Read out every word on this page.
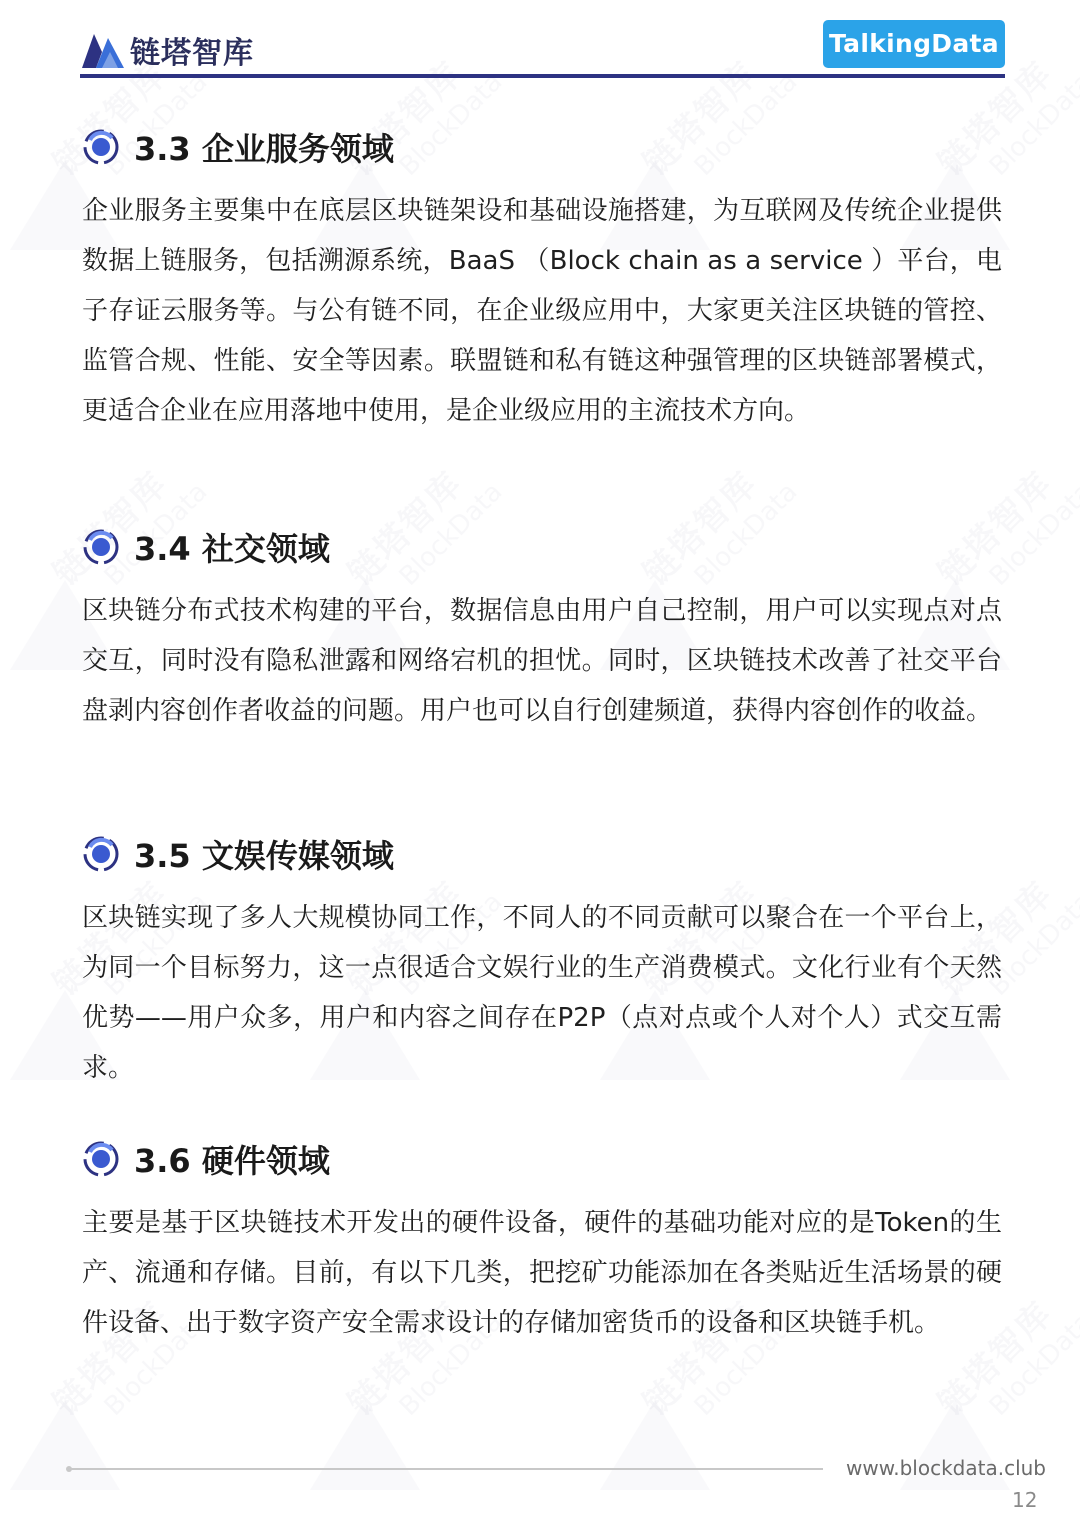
链塔智库	TalkingData
3.3 企业服务领域
企业服务主要集中在底层区块链架设和基础设施搭建，为互联网及传统企业提供数据上链服务，包括溯源系统，BaaS （Block chain as a service ）平台，电子存证云服务等。与公有链不同，在企业级应用中，大家更关注区块链的管控、监管合规、性能、安全等因素。联盟链和私有链这种强管理的区块链部署模式，更适合企业在应用落地中使用，是企业级应用的主流技术方向。
3.4 社交领域
区块链分布式技术构建的平台，数据信息由用户自己控制，用户可以实现点对点交互，同时没有隐私泄露和网络宕机的担忧。同时，区块链技术改善了社交平台盘剥内容创作者收益的问题。用户也可以自行创建频道，获得内容创作的收益。
3.5 文娱传媒领域
区块链实现了多人大规模协同工作，不同人的不同贡献可以聚合在一个平台上，为同一个目标努力，这一点很适合文娱行业的生产消费模式。文化行业有个天然优势——用户众多，用户和内容之间存在P2P（点对点或个人对个人）式交互需求。
3.6 硬件领域
主要是基于区块链技术开发出的硬件设备，硬件的基础功能对应的是Token的生产、流通和存储。目前，有以下几类，把挖矿功能添加在各类贴近生活场景的硬件设备、出于数字资产安全需求设计的存储加密货币的设备和区块链手机。
www.blockdata.club
12
